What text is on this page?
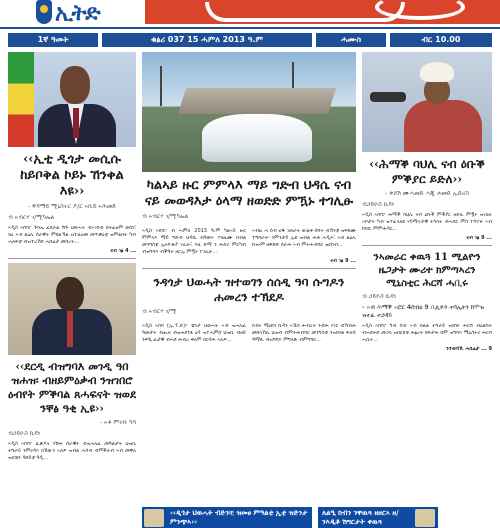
ኢትድ
1ኛ ዓመት	ቁፅሪ 037 15 ሓምለ 2013 ዓ.ም	ሓሙስ	ብር 10.00
‹‹ኢቲ ዲጎታ መሲሱ ከይቦቅል ኮይኑ ኸንቀል እዩ››
- ቐዳማይ ሚኒስትር ዶ/ር ኣቢይ ኣሕመድ
ብ ኣብርሃ ገ/ሚካኤል
ኣዲስ ኣበባ፦ ጉባኤ ፈደራል ሽጉ ህወሓት ብኣገባብ ክትፈፀም ወሰነ፣ ነዚ ኣብ ልዕሊ ሰራዊት ምክልኻል ዝተፈፀመ መጥቃዕቲ ዝምልከት ካብ ሓለፍቲ ብዝተረኸበ ሓበሬታ መሰረት...
ናብ ገፅ 4 ...
‹‹ደርዲ ብዝግባእ መገዲ ዓበ ዝሐዝ፡ ብዘይምዕቃብ ንዝገበሮ ዕብየት ምቕባል ጸሓፍናት ዝወደ ንቐፅ ዓቂ ኢዩ››
- ኣቶ ምትኩ ካሳ
ብጋይዮስ ኪዳነ
ኣዲስ ኣበባ፦ ፈቃዶና ንሽሕ ሰራዊት ብዝሓለፈ መዓልታት ህዝቢ ትግራይ ንምርዳእ ክኸውን ኣለዎ ዝብል ሓሳብ ብምቕራብ ኣብ መቐለ ዝርከቡ ዓበይቲ ዓዲ...
ካልኣይ ዙር ምምላእ ማይ ግድብ ህዳሴ ናብ ናይ መወዳእታ ዕላማ ዘወድድ ምዃኑ ተገሊፁ
ብ ኣብርሃ ገ/ሚካኤል
ኣዲስ ኣበባ፦ ብ ሓምለ 2013 ዓ.ም ካልኣይ ዙር ምምላእ ማይ ግድብ ህዳሴ ብዓወት ተዛዚሙ ክብል መንግስቲ ኢትዮጵያ ገሊፁ፣ እዚ ድማ ን ሕድሪ ምርካብ ብዝግባእ ብቕዓት ዘርኢ ምዃኑ ተገሊፁ...
ኣብዚ ሓ ሰብ ሄዱ ገጠራት ውልቀ ሰባት ብኸንቲ ዝፍጸሙ ተግባራት፡ ንምንታይ ኢዩ ዝብል ሕቶ ሓዲሩ፣ ኣብ ልዕሊ ኩሎም ዘዋድድ ሰራሕ ኣብ ምትሕብባር ዝርከብ...
ናብ ገፅ 9 ...
ንዳጎታ ህወሓት ዝተወገን ሰሰዲ ዓባ ሱግዶን ሐመረን ተኽደዶ
ብ ኣብርሃ ገ/ሚ
ኣዲስ ኣበባ (ኢ.ፕ.ድ)፦ ቼንታ ህወሓት ኣብ ዝሓለፈ ዓመታት ብሒዛ ብዝሐደጎቶ ዕዳ ዝተሓምሰ ህዝቢ ብዘይ ንፍዒ ፈታዊ ብሓደ ሕብረ ቀለም ክርዳሕ ኣለዎ...
ክብኣ ማዕከን ኪዳን ኣኼባ ሕብረት ንብሕ ሃገር ብኽብሕ መከላኸሊ ህዝብ ብምትሕብባር መንግስቲ ንዝበሃል ፍሉይ ዓማጺ ብዝግባእ ምግላጽ ብምግባር...
‹‹ሕማቕ ባህሊ ናብ ዕቡቕ ምቕያር ይድለ››
- ቀሸሽ ሙሓመድ ሓጂ ሐመድ ኢድሪስ
ብጋይዮስ ኪዳነ
ኣዲስ ኣበባ፦ ሕማቕ ባህሊ ናብ ዕቡቕ ምቕያር ዘድሊ ምዃኑ ዝገለፁ ኣቦታት ካብ ዝተፈላለዩ ሃይማኖታዊ ትካላት ብሓባር ምስ ተሳተፉ ኣብ ከባቢ ምምሕዳር...
ናብ ገፅ 9 ...
ንኣመራር ቀዉጓ 11 ሚልዮን ዜጋታት ሙሪተ ክምጣኣረን ሚኒስቲር ሕርሻ ሓቢሩ
ብ ጋይዮስ ኪዳነ
- ኣብ ሕማቕ ኣሮር 4ሰብዕ 9 ቢሊዮን ተሳኢትን ከሞዝ ዝተፈ ተጋዳይ
ኣዲስ ኣበባ፦ ካብ ሰብ ኣብ ክልል ትግራይ ዝነበሩ ሕርሻ ብዕልባት ብሓደሐደ መጋላ ዝበርክቱ ሕፅረት ክፍታሕ ከም ዝግባእ ሚኒስትሪ ሕርሻ ሓቢሩ...
ንተወሳኺ ሓበሬታ ... 9
‹‹ዲጎታ ህወሓት ብድንቺ ዝመፀ ምዓልቲ ኢቲ ዝድንታ ምንጭኣ››
ለልዒ ክብን ንቐዉጓ ዘዘርኣ ዘ/ ንእዲቶ ሽግርታት ቀዉጓ
